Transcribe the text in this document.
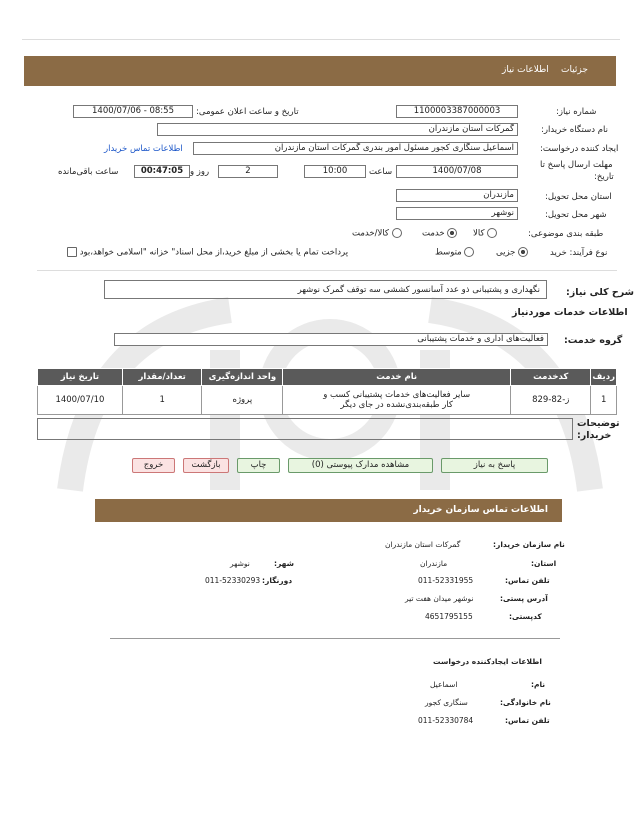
جزئیات
اطلاعات نیاز
شماره نیاز:
1100003387000003
تاریخ و ساعت اعلان عمومی:
1400/07/06 - 08:55
نام دستگاه خریدار:
گمرکات استان مازندران
ایجاد کننده درخواست:
اسماعیل سنگاری کجور مسئول امور بندری گمرکات استان مازندران
اطلاعات تماس خریدار
مهلت ارسال پاسخ تا
تاریخ:
1400/07/08
ساعت
10:00
2
روز و
00:47:05
ساعت باقی‌مانده
استان محل تحویل:
مازندران
شهر محل تحویل:
نوشهر
طبقه بندی موضوعی:
کالا
خدمت
کالا/خدمت
نوع فرآیند: خرید
جزیی
متوسط
پرداخت تمام یا بخشی از مبلغ خرید،از محل اسناد" خزانه "اسلامی خواهد،بود
شرح کلی نیاز:
نگهداری و پشتیبانی ذو عدد آسانسور کششی سه توقف گمرک نوشهر
اطلاعات خدمات موردنیاز
گروه خدمت:
فعالیت‌های اداری و خدمات پشتیبانی
ردیف	کدخدمت	نام خدمت	واحد اندازه‌گیری	تعداد/مقدار	تاریخ نیاز
1	ز-82-829	سایر فعالیت‌های خدمات پشتیبانی کسب و
کار طبقه‌بندی‌نشده در جای دیگر	پروژه	1	1400/07/10
توضیحات
خریدار:
پاسخ به نیاز
مشاهده مدارک پیوستی (0)
چاپ
بازگشت
خروج
اطلاعات تماس سازمان خریدار
نام سازمان خریدار:
گمرکات استان مازندران
استان:
مازندران
شهر:
نوشهر
تلفن تماس:
011-52331955
دورنگار:
011-52330293
آدرس پستی:
نوشهر میدان هفت تیر
کدپستی:
4651795155
اطلاعات ایجادکننده درخواست
نام:
اسماعیل
نام خانوادگی:
سنگاری کجور
تلفن تماس:
011-52330784
